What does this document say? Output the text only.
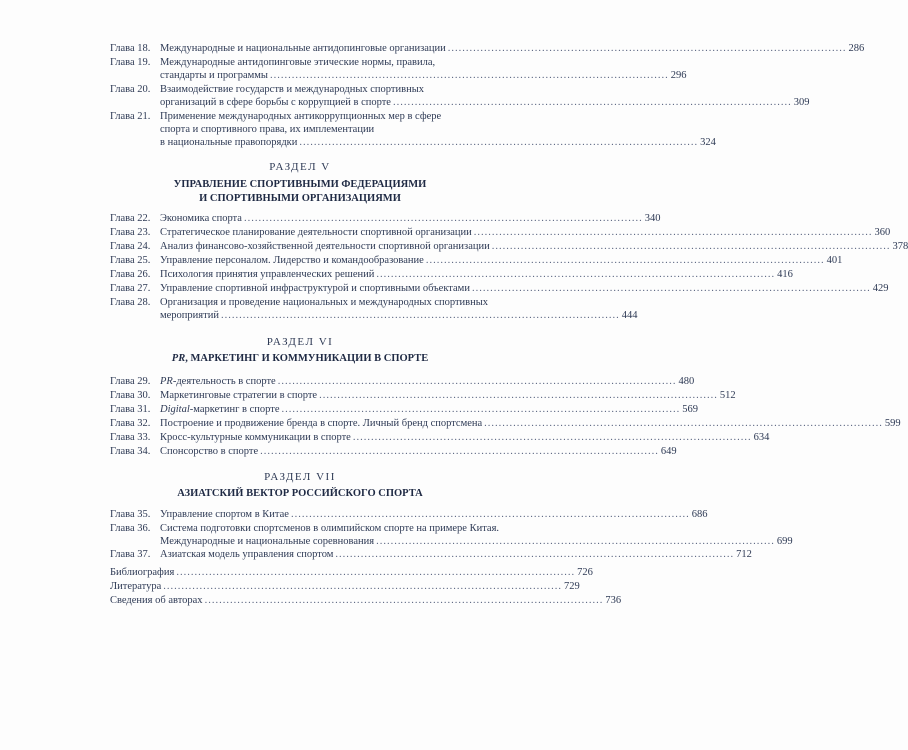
Глава 18. Международные и национальные антидопинговые организации .............................................................................................................. 286
Глава 19. Международные антидопинговые этические нормы, правила,
стандарты и программы .............................................................................................................. 296
Глава 20. Взаимодействие государств и международных спортивных
организаций в сфере борьбы с коррупцией в спорте .............................................................................................................. 309
Глава 21. Применение международных антикоррупционных мер в сфере
спорта и спортивного права, их имплементации
в национальные правопорядки .............................................................................................................. 324
РАЗДЕЛ V
УПРАВЛЕНИЕ СПОРТИВНЫМИ ФЕДЕРАЦИЯМИ
И СПОРТИВНЫМИ ОРГАНИЗАЦИЯМИ
Глава 22. Экономика спорта .............................................................................................................. 340
Глава 23. Стратегическое планирование деятельности спортивной организации .............................................................................................................. 360
Глава 24. Анализ финансово-хозяйственной деятельности спортивной организации .............................................................................................................. 378
Глава 25. Управление персоналом. Лидерство и командообразование .............................................................................................................. 401
Глава 26. Психология принятия управленческих решений .............................................................................................................. 416
Глава 27. Управление спортивной инфраструктурой и спортивными объектами .............................................................................................................. 429
Глава 28. Организация и проведение национальных и международных спортивных
мероприятий .............................................................................................................. 444
РАЗДЕЛ VI
PR, МАРКЕТИНГ И КОММУНИКАЦИИ В СПОРТЕ
Глава 29. PR-деятельность в спорте .............................................................................................................. 480
Глава 30. Маркетинговые стратегии в спорте .............................................................................................................. 512
Глава 31. Digital-маркетинг в спорте .............................................................................................................. 569
Глава 32. Построение и продвижение бренда в спорте. Личный бренд спортсмена .............................................................................................................. 599
Глава 33. Кросс-культурные коммуникации в спорте .............................................................................................................. 634
Глава 34. Спонсорство в спорте .............................................................................................................. 649
РАЗДЕЛ VII
АЗИАТСКИЙ ВЕКТОР РОССИЙСКОГО СПОРТА
Глава 35. Управление спортом в Китае .............................................................................................................. 686
Глава 36. Система подготовки спортсменов в олимпийском спорте на примере Китая.
Международные и национальные соревнования .............................................................................................................. 699
Глава 37. Азиатская модель управления спортом .............................................................................................................. 712
Библиография .............................................................................................................. 726
Литература .............................................................................................................. 729
Сведения об авторах .............................................................................................................. 736
